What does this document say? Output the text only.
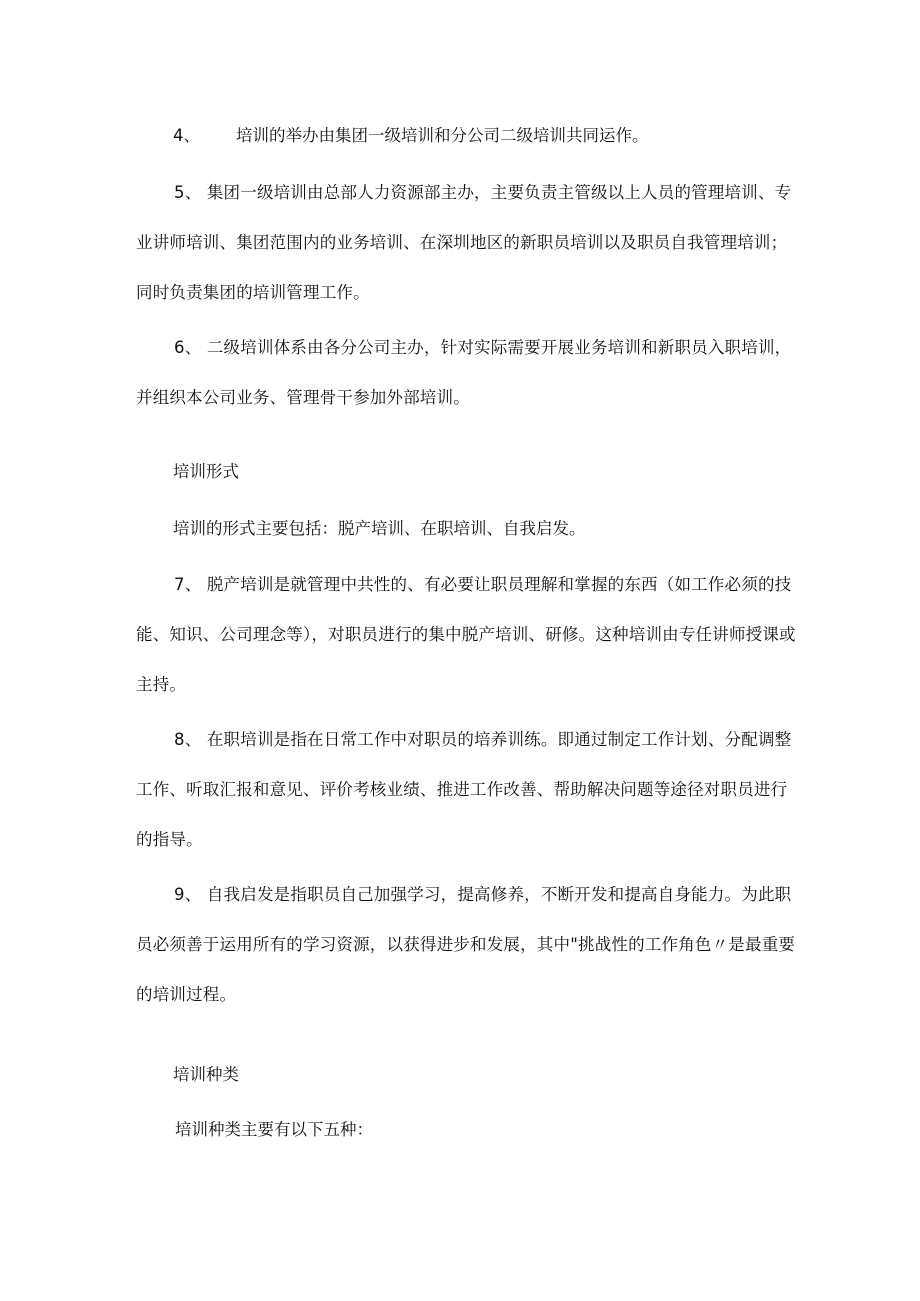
4、 培训的举办由集团一级培训和分公司二级培训共同运作。

5、 集团一级培训由总部人力资源部主办，主要负责主管级以上人员的管理培训、专业讲师培训、集团范围内的业务培训、在深圳地区的新职员培训以及职员自我管理培训；同时负责集团的培训管理工作。

6、 二级培训体系由各分公司主办，针对实际需要开展业务培训和新职员入职培训，并组织本公司业务、管理骨干参加外部培训。

培训形式

培训的形式主要包括：脱产培训、在职培训、自我启发。

7、 脱产培训是就管理中共性的、有必要让职员理解和掌握的东西（如工作必须的技能、知识、公司理念等），对职员进行的集中脱产培训、研修。这种培训由专任讲师授课或主持。

8、 在职培训是指在日常工作中对职员的培养训练。即通过制定工作计划、分配调整工作、听取汇报和意见、评价考核业绩、推进工作改善、帮助解决问题等途径对职员进行的指导。

9、 自我启发是指职员自己加强学习，提高修养，不断开发和提高自身能力。为此职员必须善于运用所有的学习资源，以获得进步和发展，其中"挑战性的工作角色〃是最重要的培训过程。

培训种类

培训种类主要有以下五种：
